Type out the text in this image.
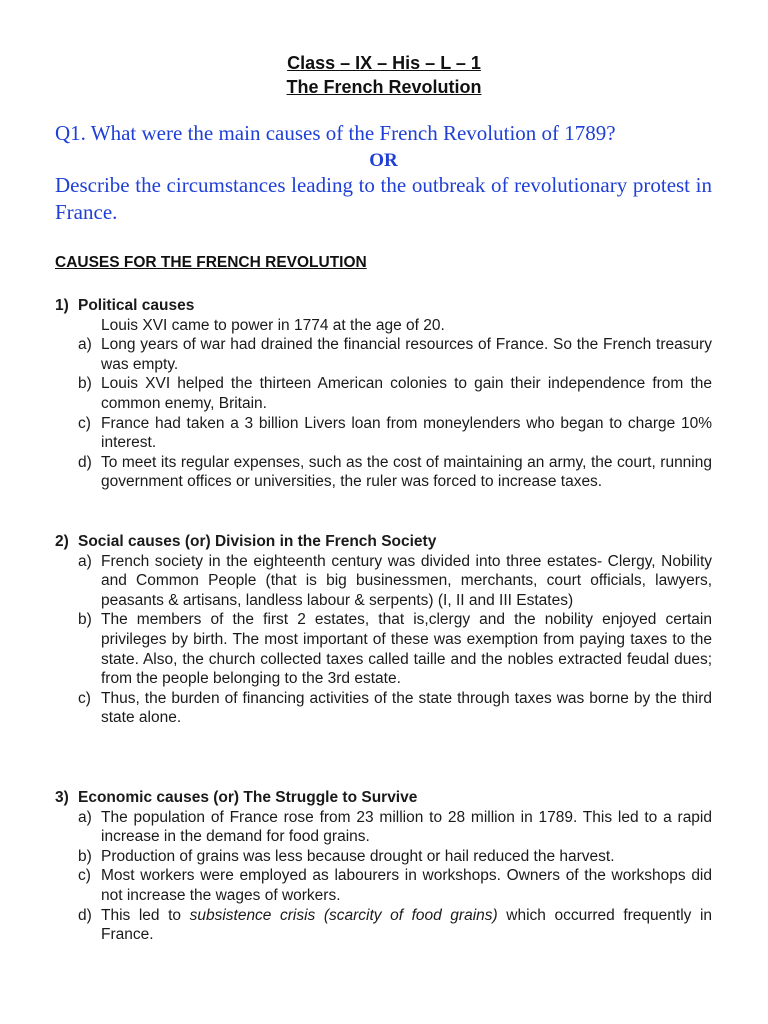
Class – IX – His – L – 1
The French Revolution
Q1. What were the main causes of the French Revolution of 1789?
OR
Describe the circumstances leading to the outbreak of revolutionary protest in France.
CAUSES FOR THE FRENCH REVOLUTION
1) Political causes
Louis XVI came to power in 1774 at the age of 20.
a) Long years of war had drained the financial resources of France. So the French treasury was empty.
b) Louis XVI helped the thirteen American colonies to gain their independence from the common enemy, Britain.
c) France had taken a 3 billion Livers loan from moneylenders who began to charge 10% interest.
d) To meet its regular expenses, such as the cost of maintaining an army, the court, running government offices or universities, the ruler was forced to increase taxes.
2) Social causes (or) Division in the French Society
a) French society in the eighteenth century was divided into three estates- Clergy, Nobility and Common People (that is big businessmen, merchants, court officials, lawyers, peasants & artisans, landless labour & serpents) (I, II and III Estates)
b) The members of the first 2 estates, that is,clergy and the nobility enjoyed certain privileges by birth. The most important of these was exemption from paying taxes to the state. Also, the church collected taxes called taille and the nobles extracted feudal dues; from the people belonging to the 3rd estate.
c) Thus, the burden of financing activities of the state through taxes was borne by the third state alone.
3) Economic causes (or) The Struggle to Survive
a) The population of France rose from 23 million to 28 million in 1789. This led to a rapid increase in the demand for food grains.
b) Production of grains was less because drought or hail reduced the harvest.
c) Most workers were employed as labourers in workshops. Owners of the workshops did not increase the wages of workers.
d) This led to subsistence crisis (scarcity of food grains) which occurred frequently in France.
